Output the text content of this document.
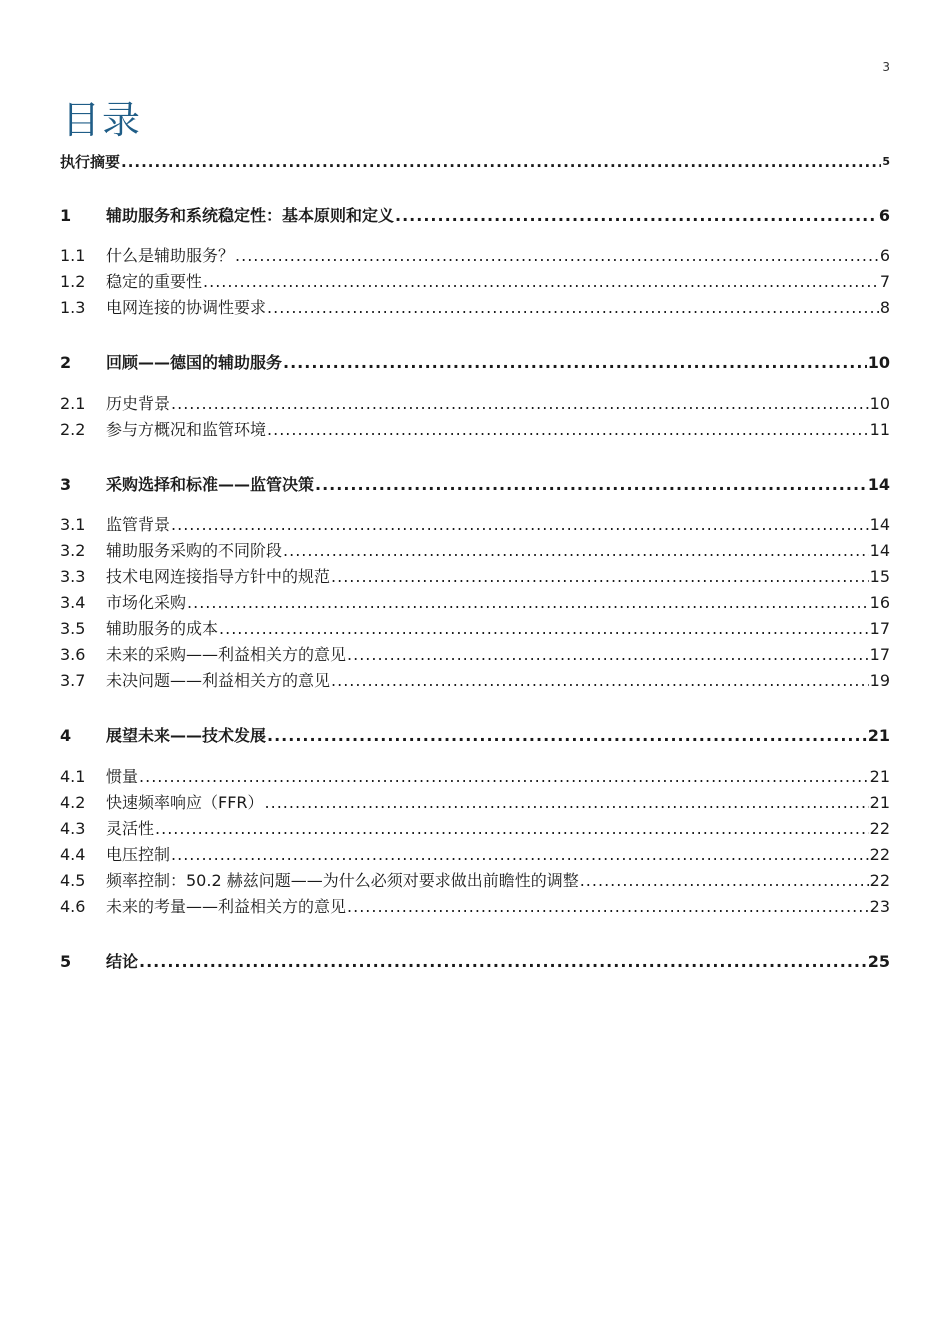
3
目录
执行摘要 .....	5
1	辅助服务和系统稳定性：基本原则和定义 .....	6
1.1	什么是辅助服务？ .....	6
1.2	稳定的重要性 .....	7
1.3	电网连接的协调性要求 .....	8
2	回顾——德国的辅助服务 .....	10
2.1	历史背景 .....	10
2.2	参与方概况和监管环境 .....	11
3	采购选择和标准——监管决策 .....	14
3.1	监管背景 .....	14
3.2	辅助服务采购的不同阶段 .....	14
3.3	技术电网连接指导方针中的规范 .....	15
3.4	市场化采购 .....	16
3.5	辅助服务的成本 .....	17
3.6	未来的采购——利益相关方的意见 .....	17
3.7	未决问题——利益相关方的意见 .....	19
4	展望未来——技术发展 .....	21
4.1	惯量 .....	21
4.2	快速频率响应（FFR） .....	21
4.3	灵活性 .....	22
4.4	电压控制 .....	22
4.5	频率控制：50.2 赫兹问题——为什么必须对要求做出前瞻性的调整 .....	22
4.6	未来的考量——利益相关方的意见 .....	23
5	结论 .....	25
